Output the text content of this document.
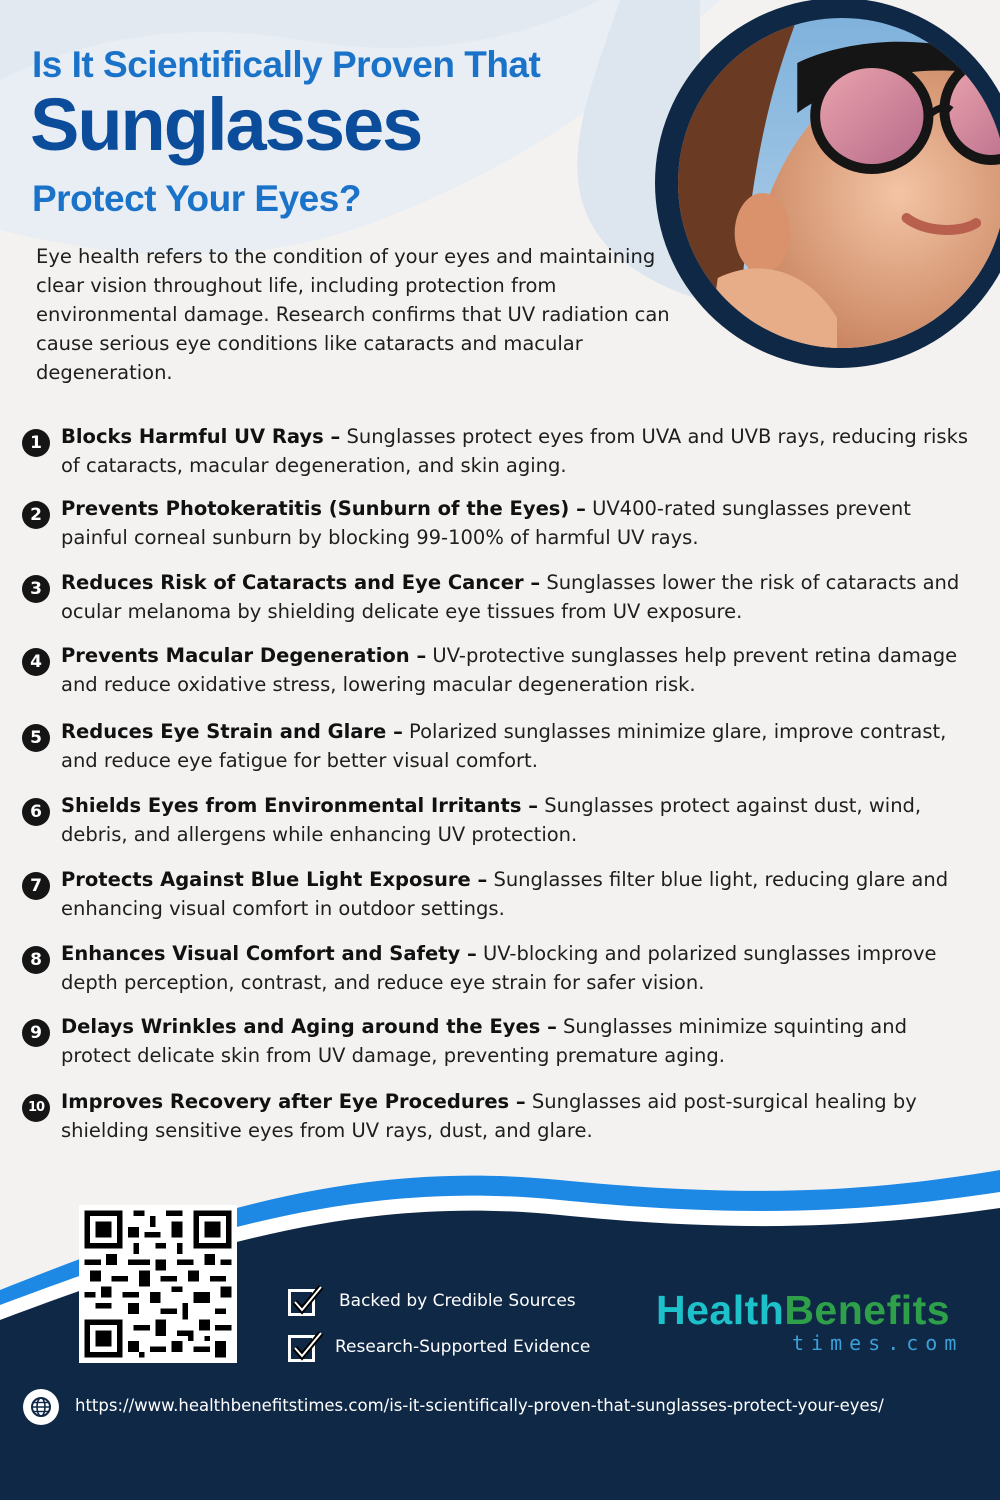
Is It Scientifically Proven That
Sunglasses
Protect Your Eyes?

Eye health refers to the condition of your eyes and maintaining clear vision throughout life, including protection from environmental damage. Research confirms that UV radiation can cause serious eye conditions like cataracts and macular degeneration.

1 Blocks Harmful UV Rays – Sunglasses protect eyes from UVA and UVB rays, reducing risks of cataracts, macular degeneration, and skin aging.

2 Prevents Photokeratitis (Sunburn of the Eyes) – UV400-rated sunglasses prevent painful corneal sunburn by blocking 99-100% of harmful UV rays.

3 Reduces Risk of Cataracts and Eye Cancer – Sunglasses lower the risk of cataracts and ocular melanoma by shielding delicate eye tissues from UV exposure.

4 Prevents Macular Degeneration – UV-protective sunglasses help prevent retina damage and reduce oxidative stress, lowering macular degeneration risk.

5 Reduces Eye Strain and Glare – Polarized sunglasses minimize glare, improve contrast, and reduce eye fatigue for better visual comfort.

6 Shields Eyes from Environmental Irritants – Sunglasses protect against dust, wind, debris, and allergens while enhancing UV protection.

7 Protects Against Blue Light Exposure – Sunglasses filter blue light, reducing glare and enhancing visual comfort in outdoor settings.

8 Enhances Visual Comfort and Safety – UV-blocking and polarized sunglasses improve depth perception, contrast, and reduce eye strain for safer vision.

9 Delays Wrinkles and Aging around the Eyes – Sunglasses minimize squinting and protect delicate skin from UV damage, preventing premature aging.

10 Improves Recovery after Eye Procedures – Sunglasses aid post-surgical healing by shielding sensitive eyes from UV rays, dust, and glare.

Backed by Credible Sources
Research-Supported Evidence
HealthBenefits
times.com
https://www.healthbenefitstimes.com/is-it-scientifically-proven-that-sunglasses-protect-your-eyes/
